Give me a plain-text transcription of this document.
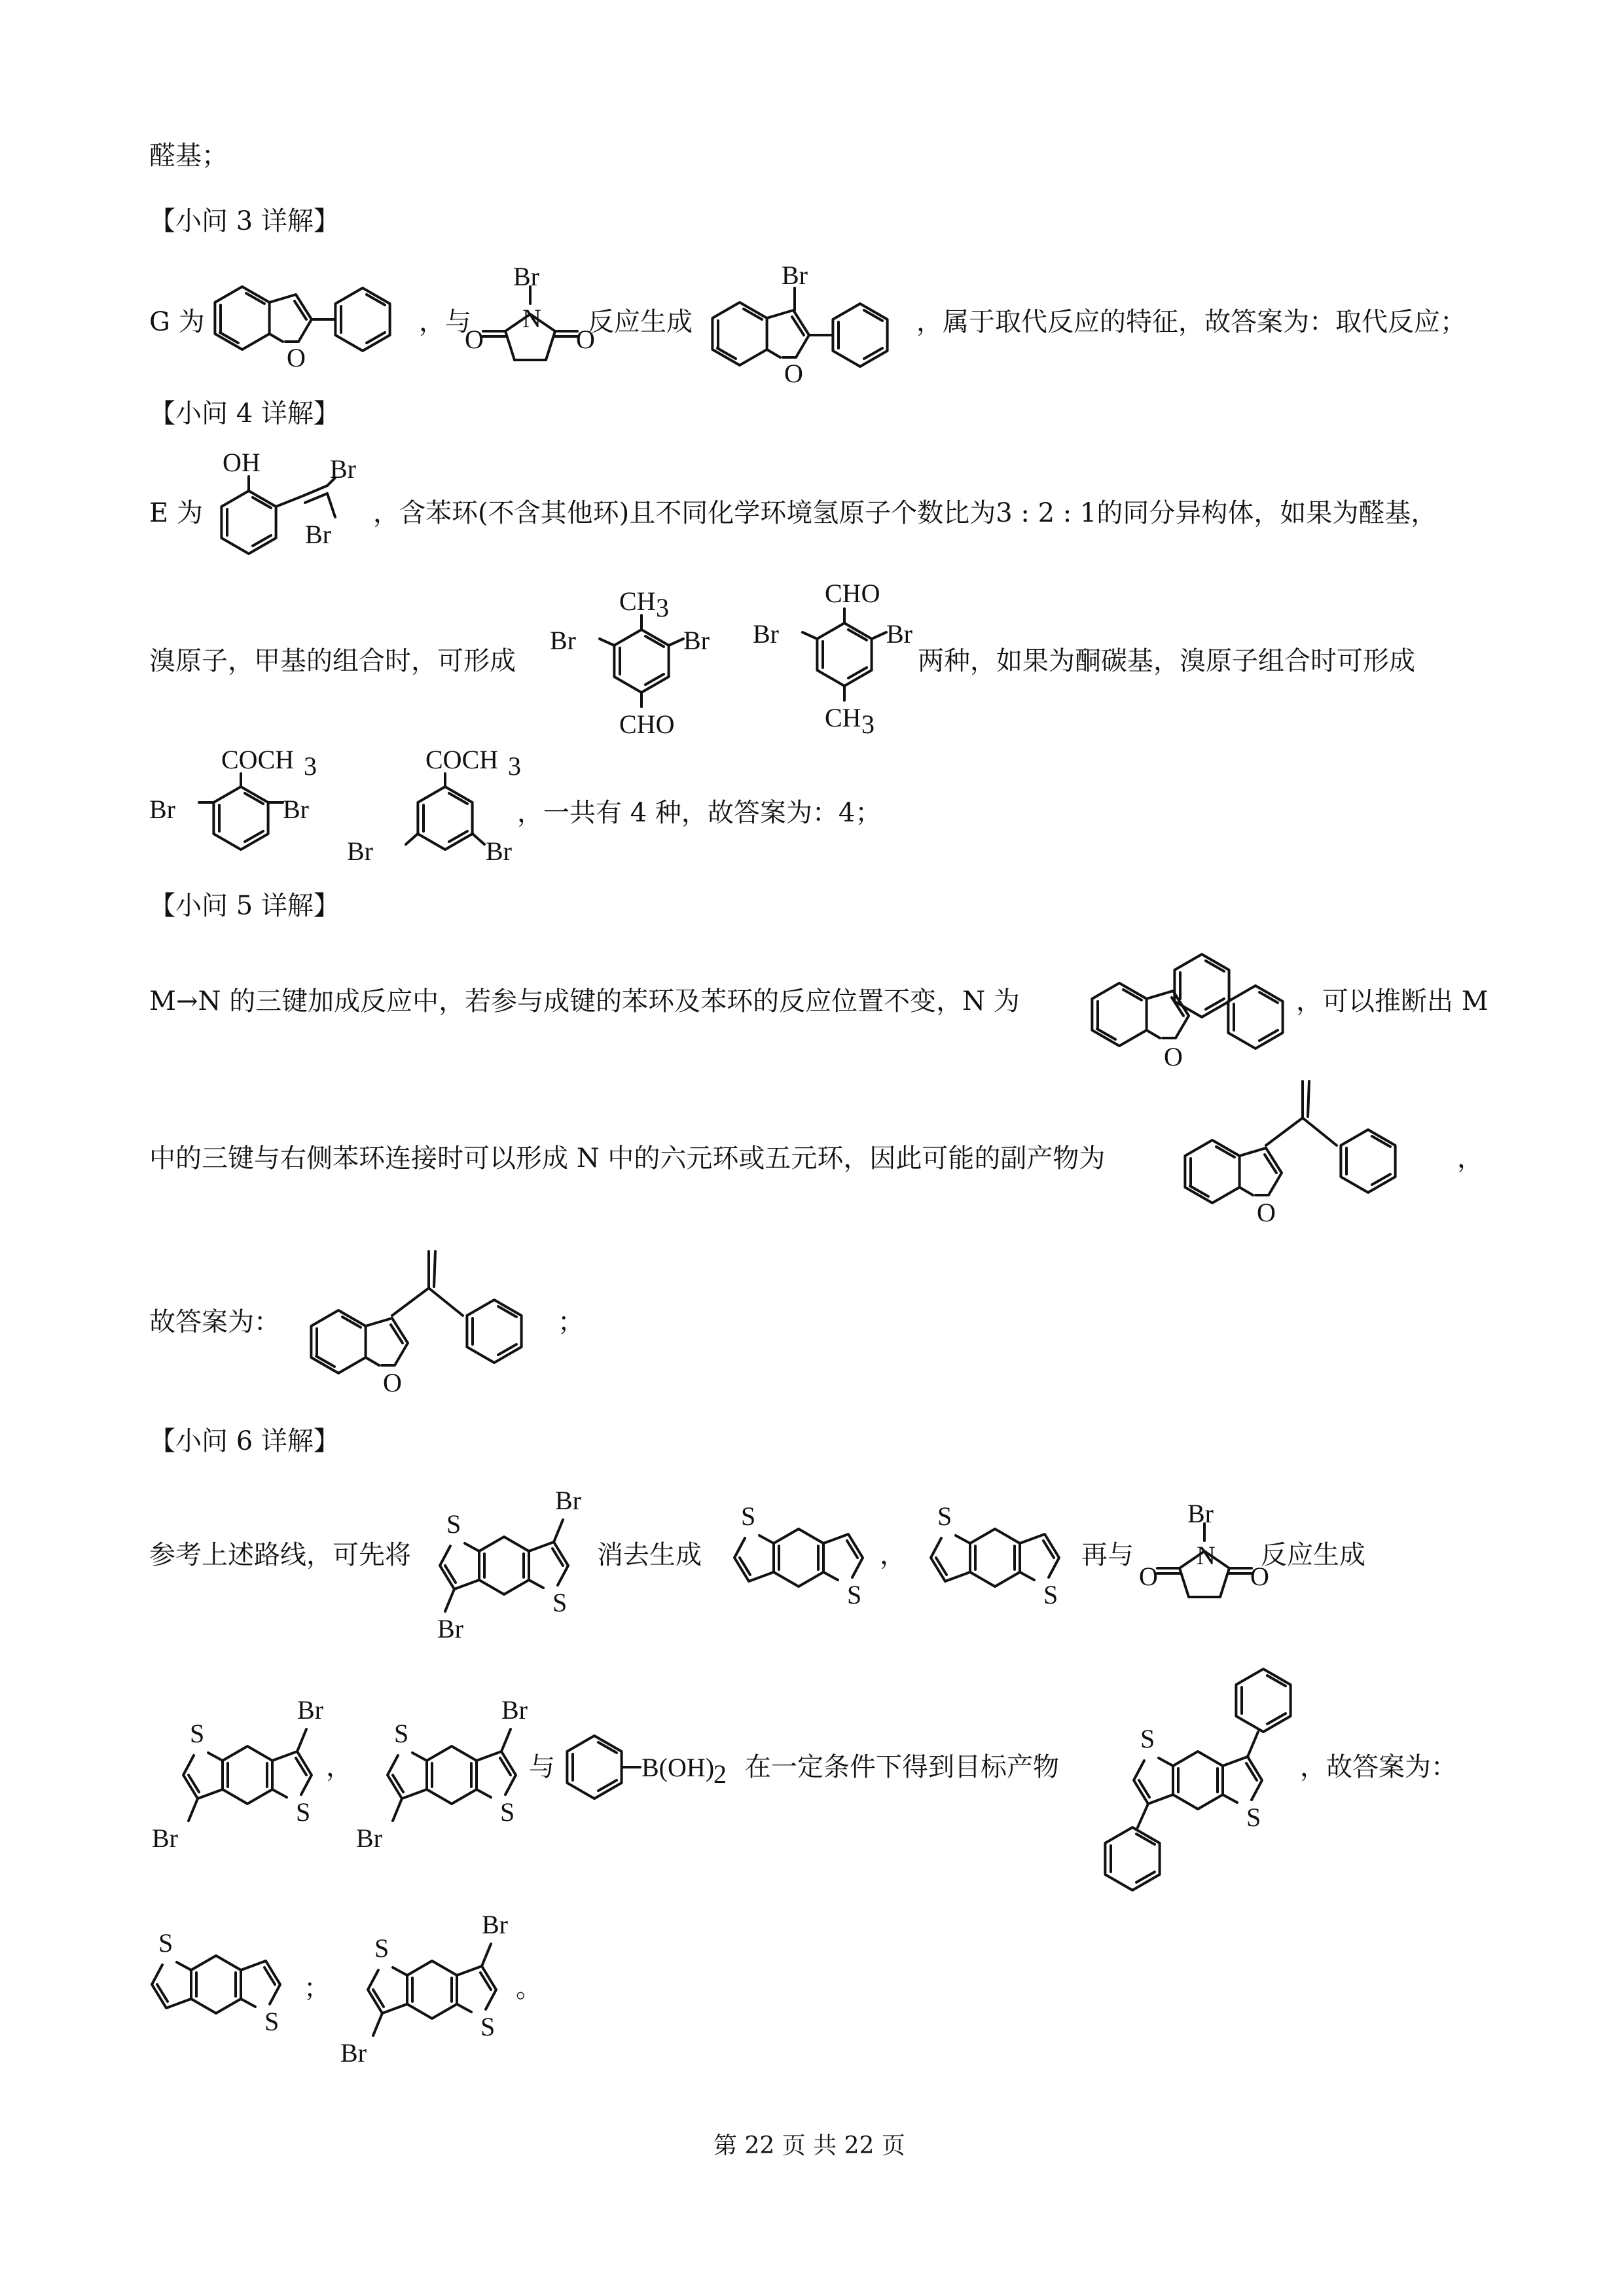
醛基；
【小问 3 详解】
G 为
O
，与
Br
N
O	O
反应生成
O
Br
，属于取代反应的特征，故答案为：取代反应；
【小问 4 详解】
E 为
OH	Br
Br
，含苯环(不含其他环)且不同化学环境氢原子个数比为3 : 2 : 1的同分异构体，如果为醛基，
溴原子，甲基的组合时，可形成
CH 3
Br	Br
CHO
CHO
Br	Br
CH 3
两种，如果为酮碳基，溴原子组合时可形成
COCH 3
Br	Br
COCH 3
Br	Br
，一共有 4 种，故答案为：4；
【小问 5 详解】
M→N 的三键加成反应中，若参与成键的苯环及苯环的反应位置不变，N 为
O
，可以推断出 M
中的三键与右侧苯环连接时可以形成 N 中的六元环或五元环，因此可能的副产物为
O
，
故答案为：
O
；
【小问 6 详解】
参考上述路线，可先将
S
S
Br
Br
消去生成
S
S
，
S
S
再与
Br
N
O	O
反应生成
S
S
Br
Br
，
S
S
Br
Br
与	B(OH)
2 在一定条件下得到目标产物
S
S
，故答案为：
S
S
；
S
S
Br
Br
。
第 22 页 共 22 页
